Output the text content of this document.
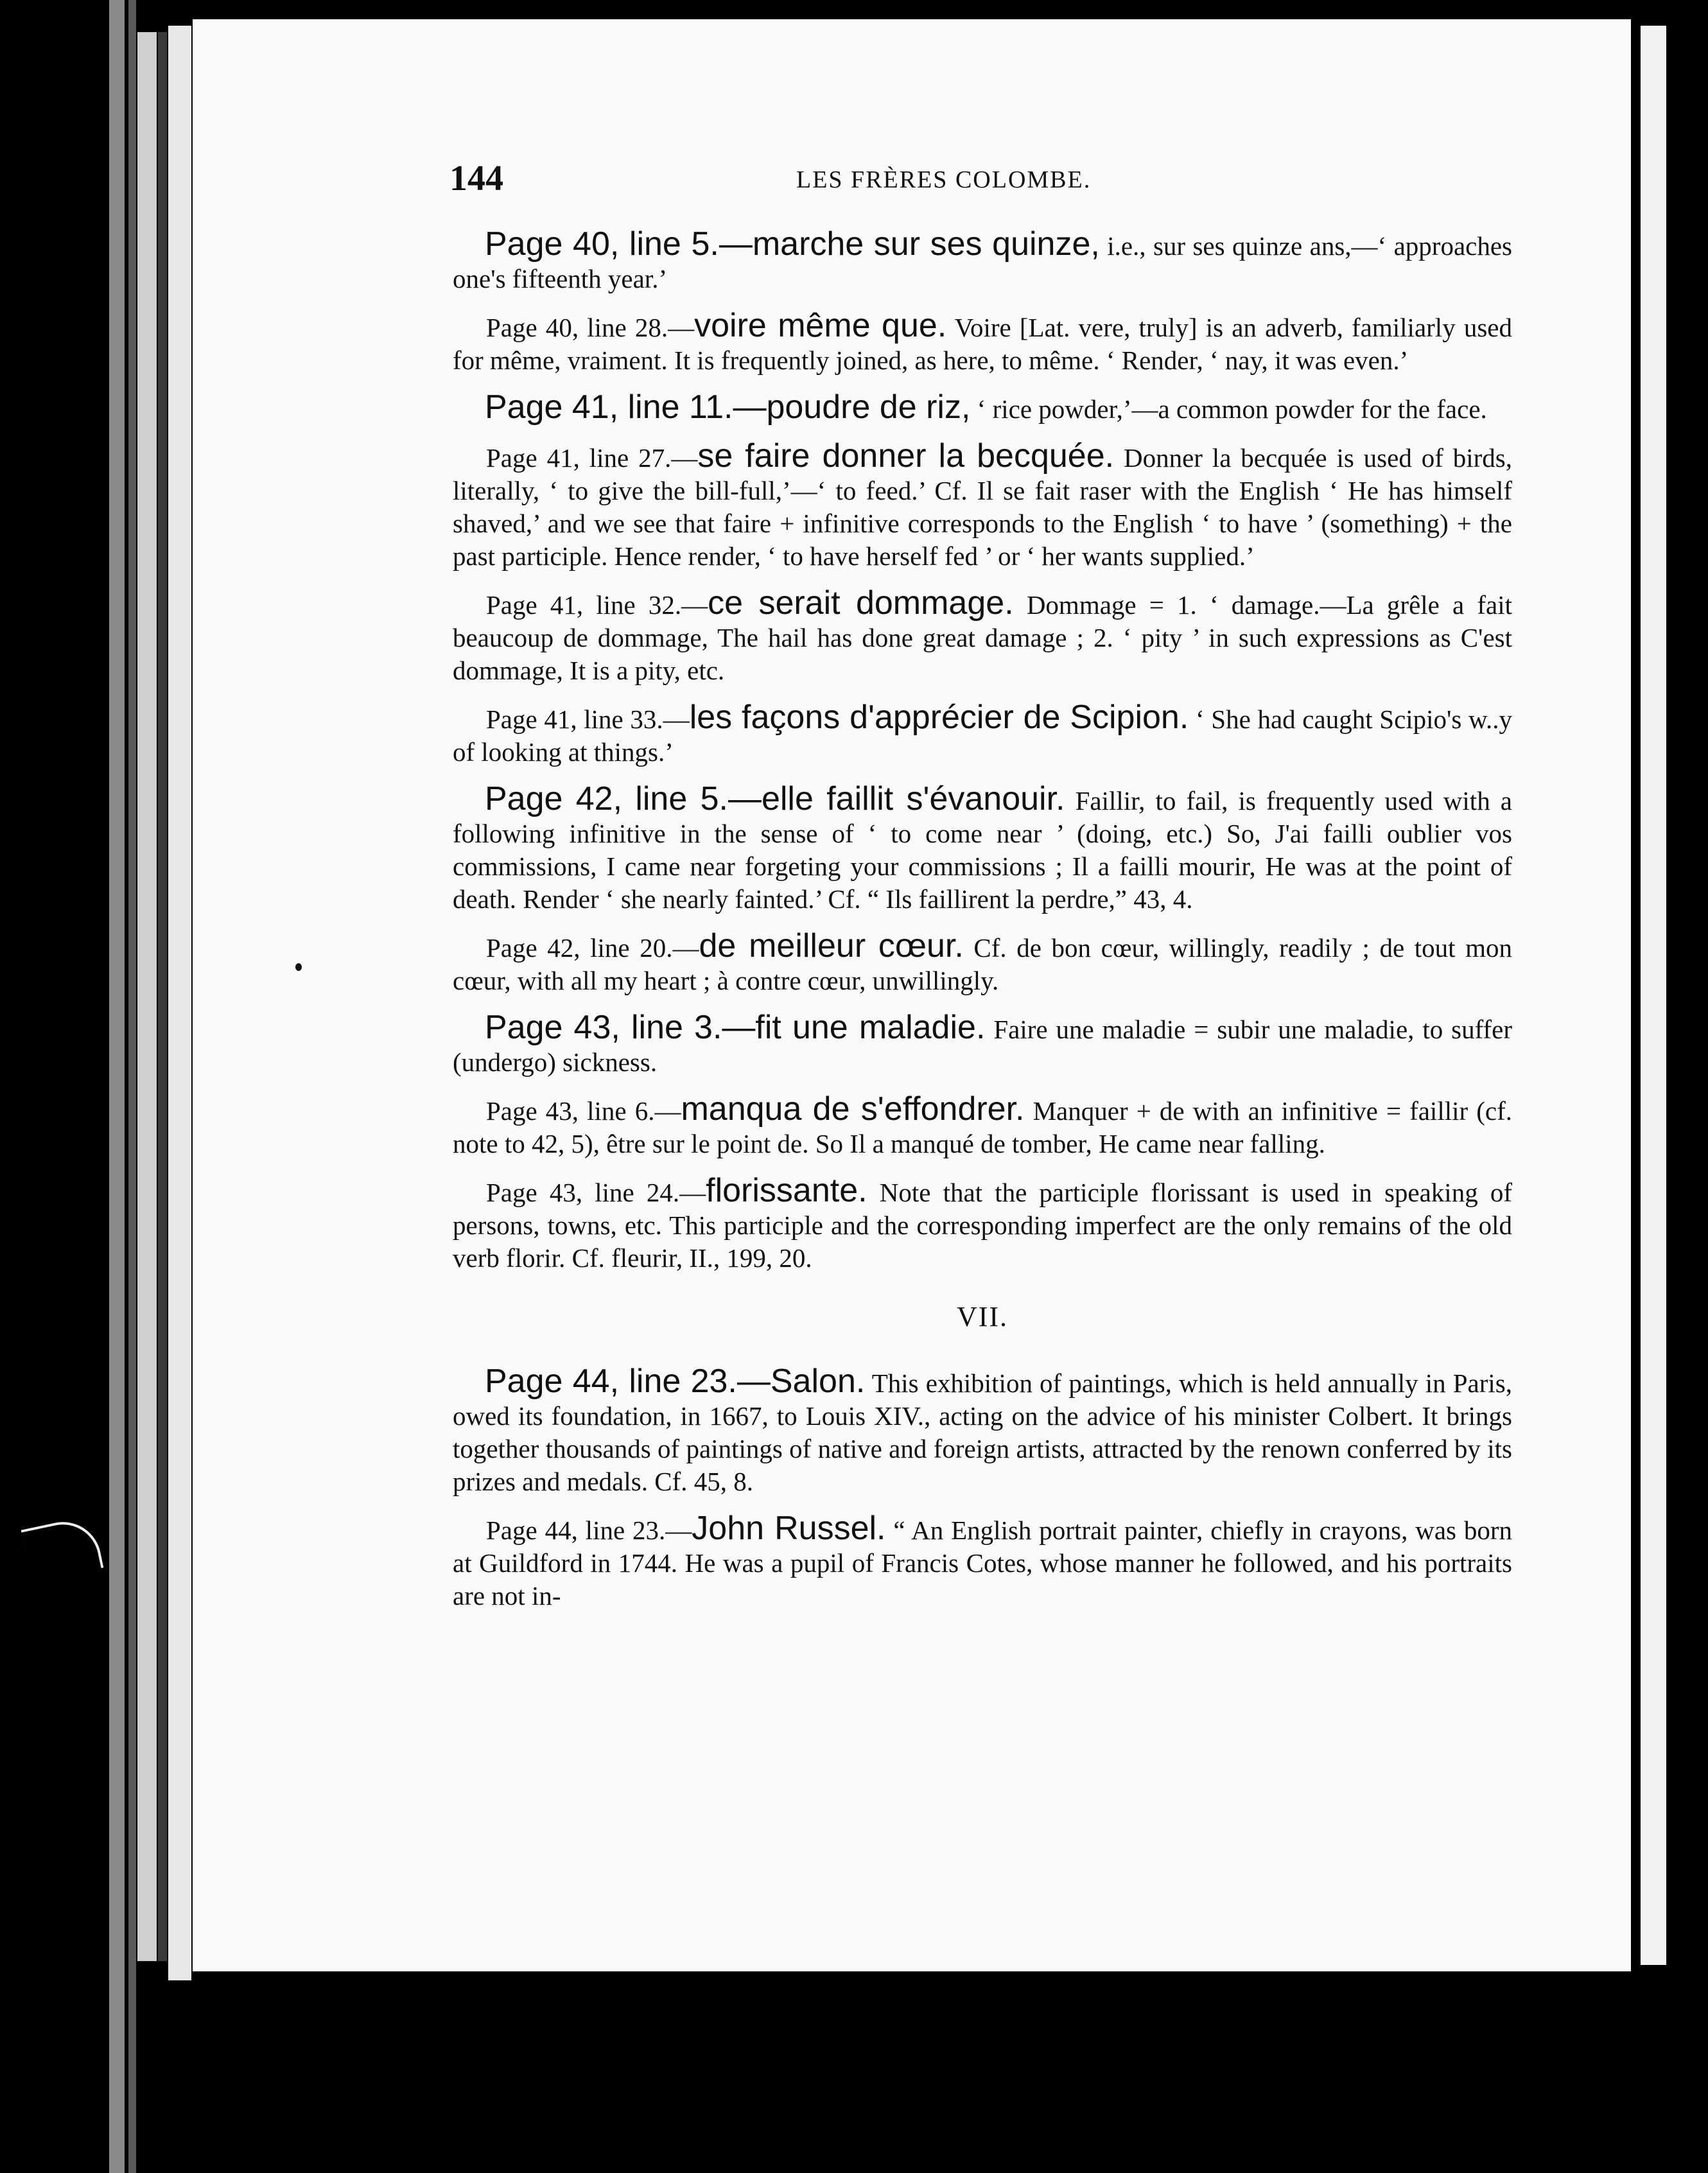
144	LES FRÈRES COLOMBE.

Page 40, line 5.—marche sur ses quinze, i.e., sur ses quinze ans,—‘ approaches one's fifteenth year.’

Page 40, line 28.—voire même que. Voire [Lat. vere, truly] is an adverb, familiarly used for même, vraiment. It is frequently joined, as here, to même. ‘ Render, ‘ nay, it was even.’

Page 41, line 11.—poudre de riz, ‘ rice powder,’—a common powder for the face.

Page 41, line 27.—se faire donner la becquée. Donner la becquée is used of birds, literally, ‘ to give the bill-full,’—‘ to feed.’ Cf. Il se fait raser with the English ‘ He has himself shaved,’ and we see that faire + infinitive corresponds to the English ‘ to have ’ (something) + the past participle. Hence render, ‘ to have herself fed ’ or ‘ her wants supplied.’

Page 41, line 32.—ce serait dommage. Dommage = 1. ‘ damage.—La grêle a fait beaucoup de dommage, The hail has done great damage ; 2. ‘ pity ’ in such expressions as C'est dommage, It is a pity, etc.

Page 41, line 33.—les façons d'apprécier de Scipion. ‘ She had caught Scipio's w..y of looking at things.’

Page 42, line 5.—elle faillit s'évanouir. Faillir, to fail, is frequently used with a following infinitive in the sense of ‘ to come near ’ (doing, etc.) So, J'ai failli oublier vos commissions, I came near forgeting your commissions ; Il a failli mourir, He was at the point of death. Render ‘ she nearly fainted.’ Cf. “ Ils faillirent la perdre,” 43, 4.

Page 42, line 20.—de meilleur cœur. Cf. de bon cœur, willingly, readily ; de tout mon cœur, with all my heart ; à contre cœur, unwillingly.

Page 43, line 3.—fit une maladie. Faire une maladie = subir une maladie, to suffer (undergo) sickness.

Page 43, line 6.—manqua de s'effondrer. Manquer + de with an infinitive = faillir (cf. note to 42, 5), être sur le point de. So Il a manqué de tomber, He came near falling.

Page 43, line 24.—florissante. Note that the participle florissant is used in speaking of persons, towns, etc. This participle and the corresponding imperfect are the only remains of the old verb florir. Cf. fleurir, II., 199, 20.

VII.

Page 44, line 23.—Salon. This exhibition of paintings, which is held annually in Paris, owed its foundation, in 1667, to Louis XIV., acting on the advice of his minister Colbert. It brings together thousands of paintings of native and foreign artists, attracted by the renown conferred by its prizes and medals. Cf. 45, 8.

Page 44, line 23.—John Russel. “ An English portrait painter, chiefly in crayons, was born at Guildford in 1744. He was a pupil of Francis Cotes, whose manner he followed, and his portraits are not in-
